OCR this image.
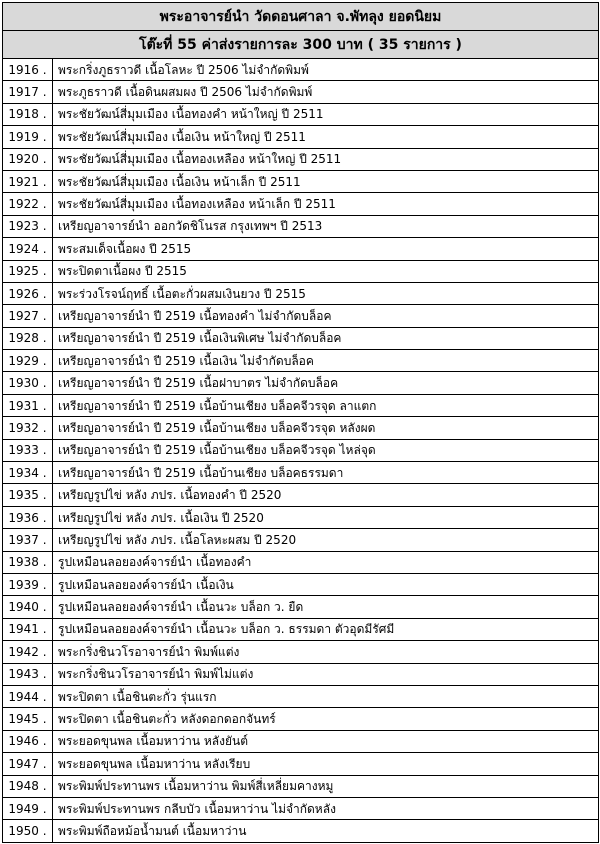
พระอาจารย์นำ วัดดอนศาลา จ.พัทลุง ยอดนิยม	
โต๊ะที่ 55 ค่าส่งรายการละ 300 บาท ( 35 รายการ )	
1916 .	พระกริ่งภูธราวดี เนื้อโลหะ ปี 2506 ไม่จำกัดพิมพ์
1917 .	พระภูธราวดี เนื้อดินผสมผง ปี 2506 ไม่จำกัดพิมพ์
1918 .	พระชัยวัฒน์สี่มุมเมือง เนื้อทองคำ หน้าใหญ่ ปี 2511
1919 .	พระชัยวัฒน์สี่มุมเมือง เนื้อเงิน หน้าใหญ่ ปี 2511
1920 .	พระชัยวัฒน์สี่มุมเมือง เนื้อทองเหลือง หน้าใหญ่ ปี 2511
1921 .	พระชัยวัฒน์สี่มุมเมือง เนื้อเงิน หน้าเล็ก ปี 2511
1922 .	พระชัยวัฒน์สี่มุมเมือง เนื้อทองเหลือง หน้าเล็ก ปี 2511
1923 .	เหรียญอาจารย์นำ ออกวัดชิโนรส กรุงเทพฯ ปี 2513
1924 .	พระสมเด็จเนื้อผง ปี 2515
1925 .	พระปิดตาเนื้อผง ปี 2515
1926 .	พระร่วงโรจน์ฤทธิ์ เนื้อตะกั่วผสมเงินยวง ปี 2515
1927 .	เหรียญอาจารย์นำ ปี 2519 เนื้อทองคำ ไม่จำกัดบล็อค
1928 .	เหรียญอาจารย์นำ ปี 2519 เนื้อเงินพิเศษ ไม่จำกัดบล็อค
1929 .	เหรียญอาจารย์นำ ปี 2519 เนื้อเงิน ไม่จำกัดบล็อค
1930 .	เหรียญอาจารย์นำ ปี 2519 เนื้อฝาบาตร ไม่จำกัดบล็อค
1931 .	เหรียญอาจารย์นำ ปี 2519 เนื้อบ้านเชียง บล็อคจีวรจุด ลาแตก
1932 .	เหรียญอาจารย์นำ ปี 2519 เนื้อบ้านเชียง บล็อคจีวรจุด หลังผด
1933 .	เหรียญอาจารย์นำ ปี 2519 เนื้อบ้านเชียง บล็อคจีวรจุด ไหล่จุด
1934 .	เหรียญอาจารย์นำ ปี 2519 เนื้อบ้านเชียง บล็อคธรรมดา
1935 .	เหรียญรูปไข่ หลัง ภปร. เนื้อทองคำ ปี 2520
1936 .	เหรียญรูปไข่ หลัง ภปร. เนื้อเงิน ปี 2520
1937 .	เหรียญรูปไข่ หลัง ภปร. เนื้อโลหะผสม ปี 2520
1938 .	รูปเหมือนลอยองค์จารย์นำ เนื้อทองคำ
1939 .	รูปเหมือนลอยองค์จารย์นำ เนื้อเงิน
1940 .	รูปเหมือนลอยองค์จารย์นำ เนื้อนวะ บล็อก ว. ยืด
1941 .	รูปเหมือนลอยองค์จารย์นำ เนื้อนวะ บล็อก ว. ธรรมดา ตัวอุดมีรัศมี
1942 .	พระกริ่งชินวโรอาจารย์นำ พิมพ์แต่ง
1943 .	พระกริ่งชินวโรอาจารย์นำ พิมพ์ไม่แต่ง
1944 .	พระปิดตา เนื้อชินตะกั่ว รุ่นแรก
1945 .	พระปิดตา เนื้อชินตะกั่ว หลังดอกดอกจันทร์
1946 .	พระยอดขุนพล เนื้อมหาว่าน หลังยันต์
1947 .	พระยอดขุนพล เนื้อมหาว่าน หลังเรียบ
1948 .	พระพิมพ์ประทานพร เนื้อมหาว่าน พิมพ์สี่เหลี่ยมคางหมู
1949 .	พระพิมพ์ประทานพร กลีบบัว เนื้อมหาว่าน ไม่จำกัดหลัง
1950 .	พระพิมพ์ถือหม้อน้ำมนต์ เนื้อมหาว่าน
